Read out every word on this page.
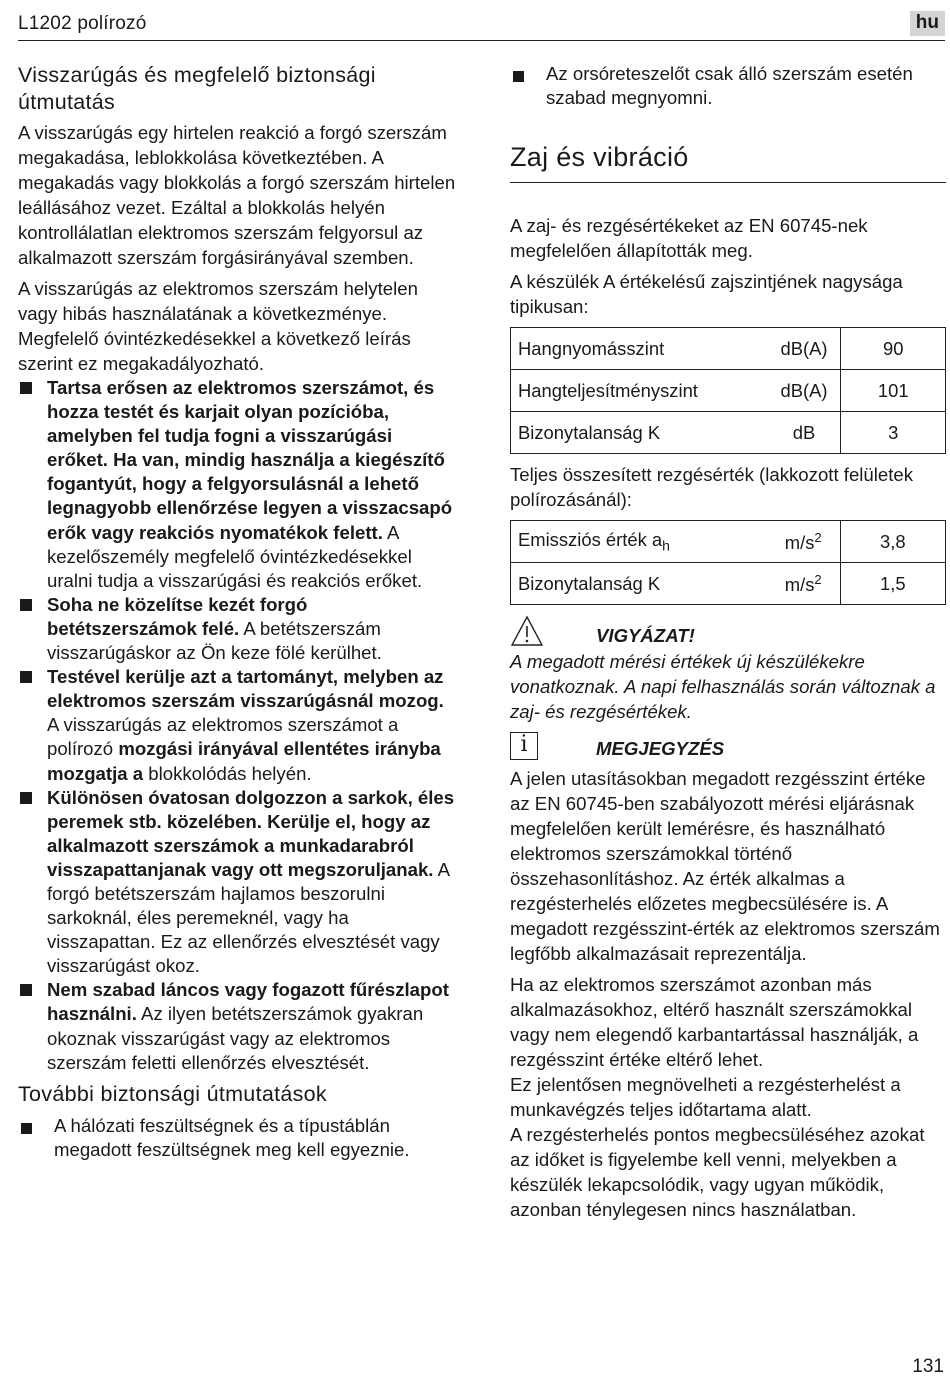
L1202 polírozó	hu
Visszarúgás és megfelelő biztonsági útmutatás

A visszarúgás egy hirtelen reakció a forgó szerszám megakadása, leblokkolása következtében. A megakadás vagy blokkolás a forgó szerszám hirtelen leállásához vezet. Ezáltal a blokkolás helyén kontrollálatlan elektromos szerszám felgyorsul az alkalmazott szerszám forgásirányával szemben.

A visszarúgás az elektromos szerszám helytelen vagy hibás használatának a következménye. Megfelelő óvintézkedésekkel a következő leírás szerint ez megakadályozható.

Tartsa erősen az elektromos szerszámot, és hozza testét és karjait olyan pozícióba, amelyben fel tudja fogni a visszarúgási erőket. Ha van, mindig használja a kiegészítő fogantyút, hogy a felgyorsulásnál a lehető legnagyobb ellenőrzése legyen a visszacsapó erők vagy reakciós nyomatékok felett. A kezelőszemély megfelelő óvintézkedésekkel uralni tudja a visszarúgási és reakciós erőket.
Soha ne közelítse kezét forgó betétszerszámok felé. A betétszerszám visszarúgáskor az Ön keze fölé kerülhet.
Testével kerülje azt a tartományt, melyben az elektromos szerszám visszarúgásnál mozog. A visszarúgás az elektromos szerszámot a polírozó mozgási irányával ellentétes irányba mozgatja a blokkolódás helyén.
Különösen óvatosan dolgozzon a sarkok, éles peremek stb. közelében. Kerülje el, hogy az alkalmazott szerszámok a munkadarabról visszapattanjanak vagy ott megszoruljanak. A forgó betétszerszám hajlamos beszorulni sarkoknál, éles peremeknél, vagy ha visszapattan. Ez az ellenőrzés elvesztését vagy visszarúgást okoz.
Nem szabad láncos vagy fogazott fűrészlapot használni. Az ilyen betétszerszámok gyakran okoznak visszarúgást vagy az elektromos szerszám feletti ellenőrzés elvesztését.
További biztonsági útmutatások
A hálózati feszültségnek és a típustáblán megadott feszültségnek meg kell egyeznie.
Az orsóreteszelőt csak álló szerszám esetén szabad megnyomni.
Zaj és vibráció

A zaj- és rezgésértékeket az EN 60745-nek megfelelően állapították meg.

A készülék A értékelésű zajszintjének nagysága tipikusan:

Hangnyomásszint	dB(A)	90
Hangteljesítményszint	dB(A)	101
Bizonytalanság K	dB	3

Teljes összesített rezgésérték (lakkozott felületek polírozásánál):

Emissziós érték $a_h$	$m/s^2$	3,8
Bizonytalanság K	$m/s^2$	1,5
VIGYÁZAT!

A megadott mérési értékek új készülékekre vonatkoznak. A napi felhasználás során változnak a zaj- és rezgésértékek.

i	MEGJEGYZÉS

A jelen utasításokban megadott rezgésszint értéke az EN 60745-ben szabályozott mérési eljárásnak megfelelően került lemérésre, és használható elektromos szerszámokkal történő összehasonlításhoz. Az érték alkalmas a rezgésterhelés előzetes megbecsülésére is. A megadott rezgésszint-érték az elektromos szerszám legfőbb alkalmazásait reprezentálja.

Ha az elektromos szerszámot azonban más alkalmazásokhoz, eltérő használt szerszámokkal vagy nem elegendő karbantartással használják, a rezgésszint értéke eltérő lehet.

Ez jelentősen megnövelheti a rezgésterhelést a munkavégzés teljes időtartama alatt.

A rezgésterhelés pontos megbecsüléséhez azokat az időket is figyelembe kell venni, melyekben a készülék lekapcsolódik, vagy ugyan működik, azonban ténylegesen nincs használatban.

131
